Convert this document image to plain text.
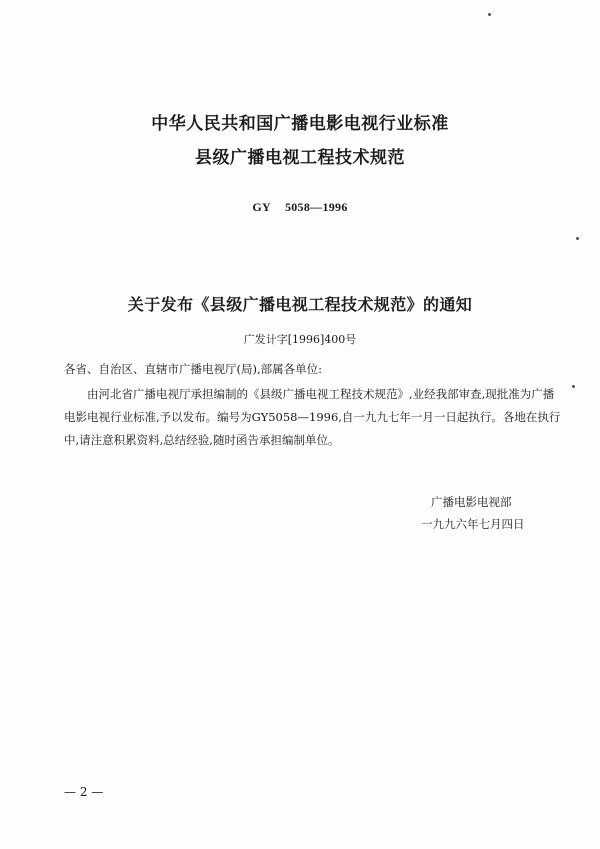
中华人民共和国广播电影电视行业标准
县级广播电视工程技术规范
GY 5058—1996
关于发布《县级广播电视工程技术规范》的通知
广发计字[1996]400号
各省、自治区、直辖市广播电视厅(局),部属各单位:
由河北省广播电视厅承担编制的《县级广播电视工程技术规范》,业经我部审查,现批准为广播
电影电视行业标准,予以发布。编号为GY5058—1996,自一九九七年一月一日起执行。各地在执行
中,请注意积累资料,总结经验,随时函告承担编制单位。
广播电影电视部
一九九六年七月四日
— 2 —
